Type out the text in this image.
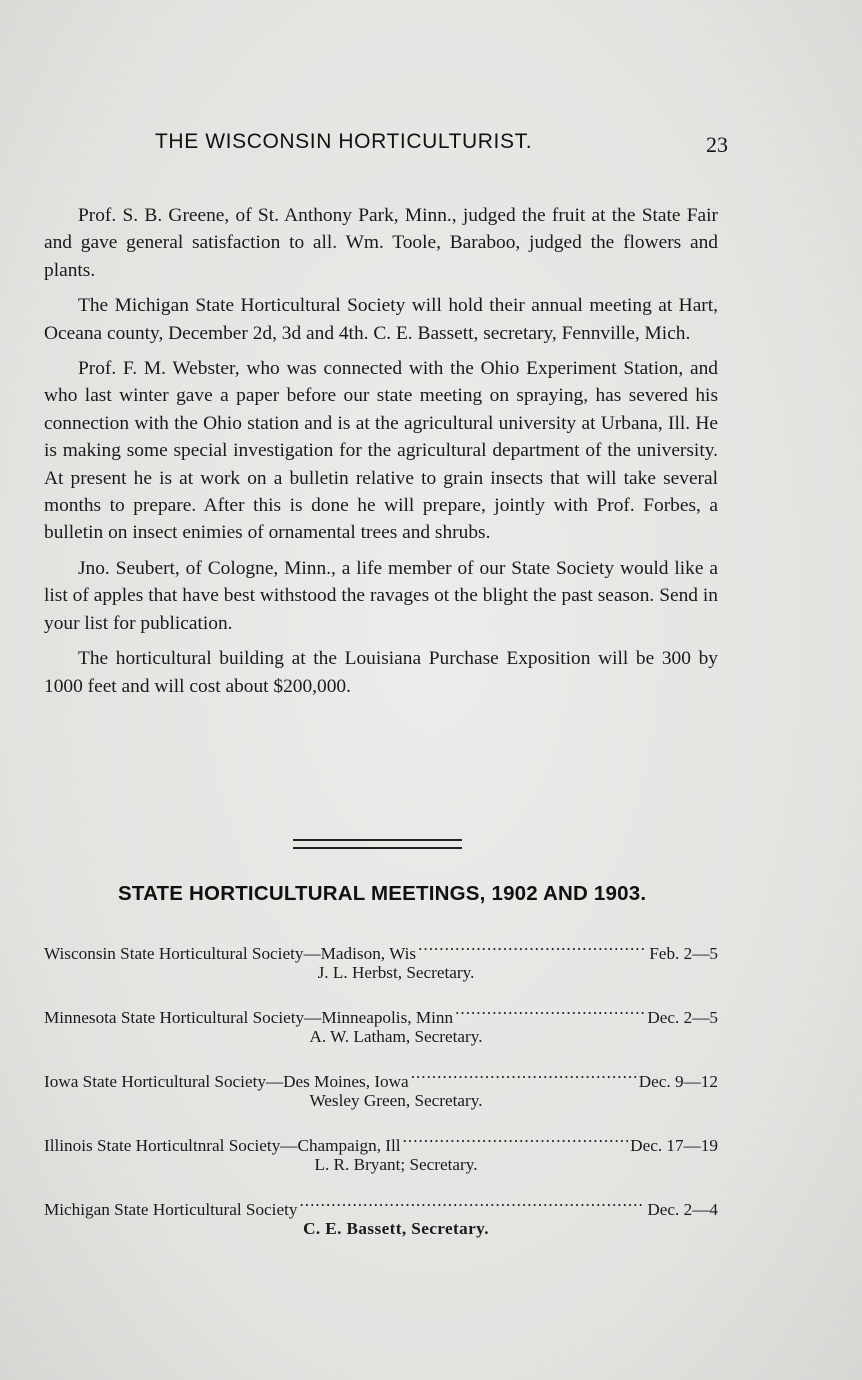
THE WISCONSIN HORTICULTURIST.	23

Prof. S. B. Greene, of St. Anthony Park, Minn., judged the fruit at the State Fair and gave general satisfaction to all. Wm. Toole, Baraboo, judged the flowers and plants.

The Michigan State Horticultural Society will hold their annual meeting at Hart, Oceana county, December 2d, 3d and 4th. C. E. Bassett, secretary, Fennville, Mich.

Prof. F. M. Webster, who was connected with the Ohio Experiment Station, and who last winter gave a paper before our state meeting on spraying, has severed his connection with the Ohio station and is at the agricultural university at Urbana, Ill. He is making some special investigation for the agricultural department of the university. At present he is at work on a bulletin relative to grain insects that will take several months to prepare. After this is done he will prepare, jointly with Prof. Forbes, a bulletin on insect enimies of ornamental trees and shrubs.

Jno. Seubert, of Cologne, Minn., a life member of our State Society would like a list of apples that have best withstood the ravages ot the blight the past season. Send in your list for publication.

The horticultural building at the Louisiana Purchase Exposition will be 300 by 1000 feet and will cost about $200,000.

STATE HORTICULTURAL MEETINGS, 1902 AND 1903.
Wisconsin State Horticultural Society—Madison, Wis .....	Feb. 2—5
J. L. Herbst, Secretary.
Minnesota State Horticultural Society—Minneapolis, Minn .....	Dec. 2—5
A. W. Latham, Secretary.
Iowa State Horticultural Society—Des Moines, Iowa .....	Dec. 9—12
Wesley Green, Secretary.
Illinois State Horticultnral Society—Champaign, Ill .....	Dec. 17—19
L. R. Bryant; Secretary.
Michigan State Horticultural Society .....	Dec. 2—4
C. E. Bassett, Secretary.
